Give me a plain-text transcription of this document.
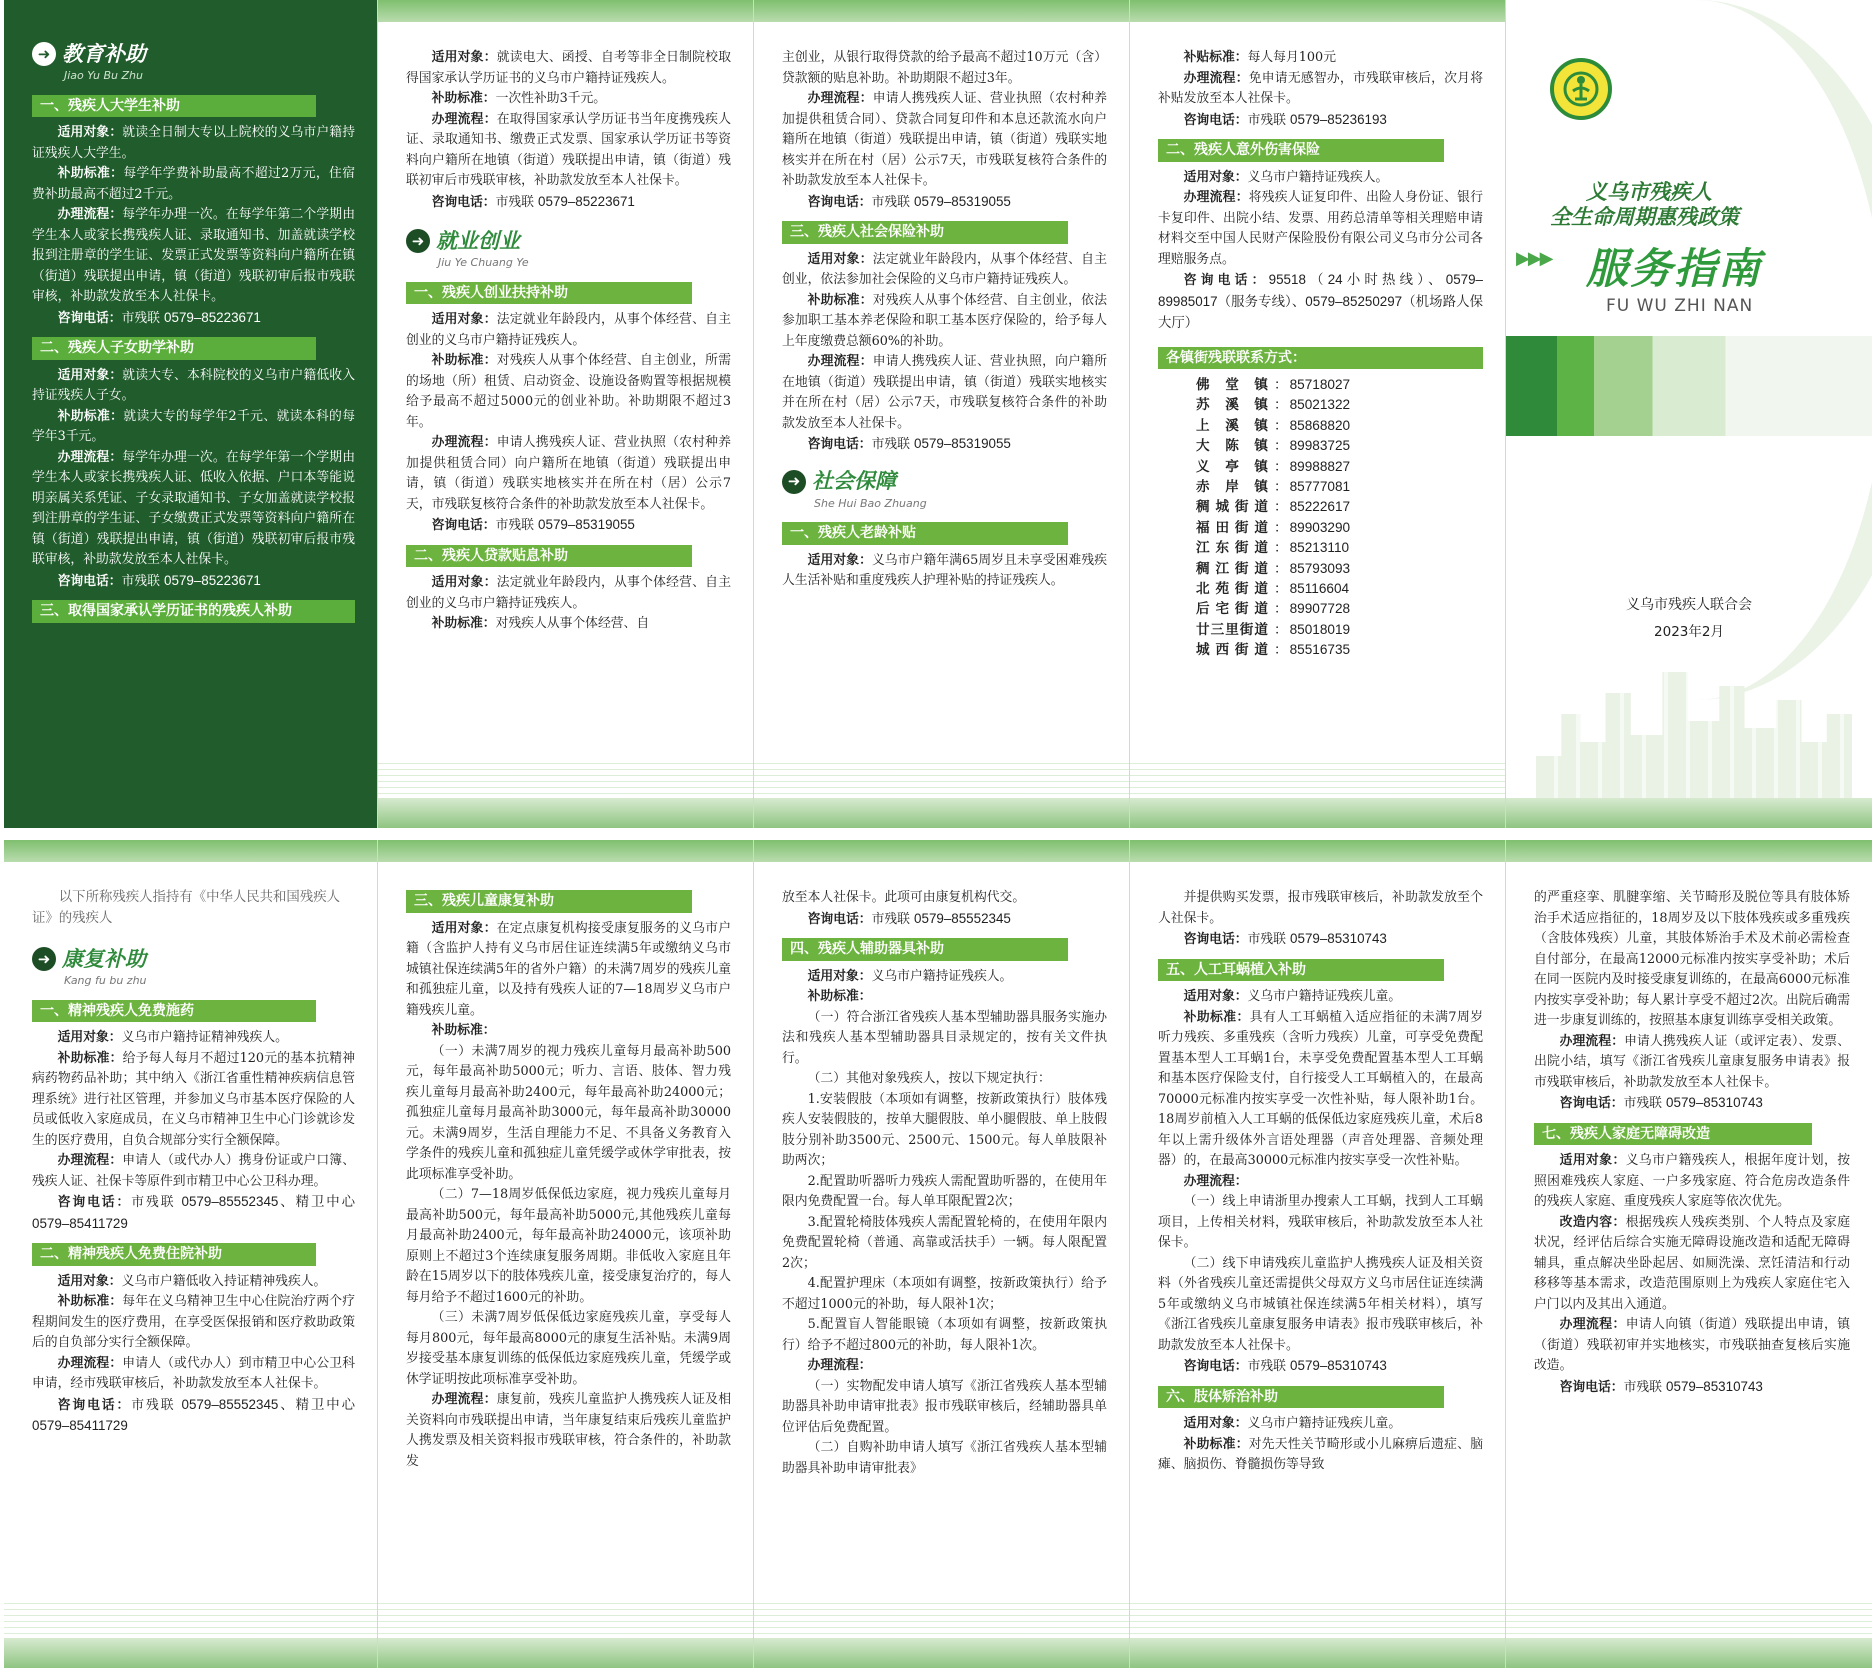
➜ 教育补助
Jiao Yu Bu Zhu
一、残疾人大学生补助

适用对象：就读全日制大专以上院校的义乌市户籍持证残疾人大学生。

补助标准：每学年学费补助最高不超过2万元，住宿费补助最高不超过2千元。

办理流程：每学年办理一次。在每学年第二个学期由学生本人或家长携残疾人证、录取通知书、加盖就读学校报到注册章的学生证、发票正式发票等资料向户籍所在镇（街道）残联提出申请，镇（街道）残联初审后报市残联审核，补助款发放至本人社保卡。

咨询电话：市残联 0579–85223671

二、残疾人子女助学补助

适用对象：就读大专、本科院校的义乌市户籍低收入持证残疾人子女。

补助标准：就读大专的每学年2千元、就读本科的每学年3千元。

办理流程：每学年办理一次。在每学年第一个学期由学生本人或家长携残疾人证、低收入依据、户口本等能说明亲属关系凭证、子女录取通知书、子女加盖就读学校报到注册章的学生证、子女缴费正式发票等资料向户籍所在镇（街道）残联提出申请，镇（街道）残联初审后报市残联审核，补助款发放至本人社保卡。

咨询电话：市残联 0579–85223671

三、取得国家承认学历证书的残疾人补助

适用对象：就读电大、函授、自考等非全日制院校取得国家承认学历证书的义乌市户籍持证残疾人。

补助标准：一次性补助3千元。

办理流程：在取得国家承认学历证书当年度携残疾人证、录取通知书、缴费正式发票、国家承认学历证书等资料向户籍所在地镇（街道）残联提出申请，镇（街道）残联初审后市残联审核，补助款发放至本人社保卡。

咨询电话：市残联 0579–85223671

➜ 就业创业
Jiu Ye Chuang Ye
一、残疾人创业扶持补助

适用对象：法定就业年龄段内，从事个体经营、自主创业的义乌市户籍持证残疾人。

补助标准：对残疾人从事个体经营、自主创业，所需的场地（所）租赁、启动资金、设施设备购置等根据规模给予最高不超过5000元的创业补助。补助期限不超过3年。

办理流程：申请人携残疾人证、营业执照（农村种养加提供租赁合同）向户籍所在地镇（街道）残联提出申请，镇（街道）残联实地核实并在所在村（居）公示7天，市残联复核符合条件的补助款发放至本人社保卡。

咨询电话：市残联 0579–85319055

二、残疾人贷款贴息补助

适用对象：法定就业年龄段内，从事个体经营、自主创业的义乌市户籍持证残疾人。

补助标准：对残疾人从事个体经营、自

主创业，从银行取得贷款的给予最高不超过10万元（含）贷款额的贴息补助。补助期限不超过3年。

办理流程：申请人携残疾人证、营业执照（农村种养加提供租赁合同）、贷款合同复印件和本息还款流水向户籍所在地镇（街道）残联提出申请，镇（街道）残联实地核实并在所在村（居）公示7天，市残联复核符合条件的补助款发放至本人社保卡。

咨询电话：市残联 0579–85319055

三、残疾人社会保险补助

适用对象：法定就业年龄段内，从事个体经营、自主创业，依法参加社会保险的义乌市户籍持证残疾人。

补助标准：对残疾人从事个体经营、自主创业，依法参加职工基本养老保险和职工基本医疗保险的，给予每人上年度缴费总额60%的补助。

办理流程：申请人携残疾人证、营业执照，向户籍所在地镇（街道）残联提出申请，镇（街道）残联实地核实并在所在村（居）公示7天，市残联复核符合条件的补助款发放至本人社保卡。

咨询电话：市残联 0579–85319055

➜ 社会保障
She Hui Bao Zhuang
一、残疾人老龄补贴

适用对象：义乌市户籍年满65周岁且未享受困难残疾人生活补贴和重度残疾人护理补贴的持证残疾人。

补贴标准：每人每月100元

办理流程：免申请无感智办，市残联审核后，次月将补贴发放至本人社保卡。

咨询电话：市残联 0579–85236193

二、残疾人意外伤害保险

适用对象：义乌市户籍持证残疾人。

办理流程：将残疾人证复印件、出险人身份证、银行卡复印件、出院小结、发票、用药总清单等相关理赔申请材料交至中国人民财产保险股份有限公司义乌市分公司各理赔服务点。

咨询电话：95518（24小时热线）、0579–89985017（服务专线）、0579–85250297（机场路人保大厅）

各镇街残联联系方式：
佛堂镇 ： 85718027
苏溪镇 ： 85021322
上溪镇 ： 85868820
大陈镇 ： 89983725
义亭镇 ： 89988827
赤岸镇 ： 85777081
稠城街道 ： 85222617
福田街道 ： 89903290
江东街道 ： 85213110
稠江街道 ： 85793093
北苑街道 ： 85116604
后宅街道 ： 89907728
廿三里街道 ： 85018019
城西街道 ： 85516735
义乌市残疾人
全生命周期惠残政策
▶▶▶ 服务指南
FU WU ZHI NAN
义乌市残疾人联合会
2023年2月
以下所称残疾人指持有《中华人民共和国残疾人证》的残疾人
➜ 康复补助
Kang fu bu zhu
一、精神残疾人免费施药

适用对象：义乌市户籍持证精神残疾人。

补助标准：给予每人每月不超过120元的基本抗精神病药物药品补助；其中纳入《浙江省重性精神疾病信息管理系统》进行社区管理，并参加义乌市基本医疗保险的人员或低收入家庭成员，在义乌市精神卫生中心门诊就诊发生的医疗费用，自负合规部分实行全额保障。

办理流程：申请人（或代办人）携身份证或户口簿、残疾人证、社保卡等原件到市精卫中心公卫科办理。

咨询电话：市残联 0579–85552345、精卫中心0579–85411729

二、精神残疾人免费住院补助

适用对象：义乌市户籍低收入持证精神残疾人。

补助标准：每年在义乌精神卫生中心住院治疗两个疗程期间发生的医疗费用，在享受医保报销和医疗救助政策后的自负部分实行全额保障。

办理流程：申请人（或代办人）到市精卫中心公卫科申请，经市残联审核后，补助款发放至本人社保卡。

咨询电话：市残联 0579–85552345、精卫中心0579–85411729

三、残疾儿童康复补助

适用对象：在定点康复机构接受康复服务的义乌市户籍（含监护人持有义乌市居住证连续满5年或缴纳义乌市城镇社保连续满5年的省外户籍）的未满7周岁的残疾儿童和孤独症儿童，以及持有残疾人证的7—18周岁义乌市户籍残疾儿童。

补助标准：

（一）未满7周岁的视力残疾儿童每月最高补助500元，每年最高补助5000元；听力、言语、肢体、智力残疾儿童每月最高补助2400元，每年最高补助24000元；孤独症儿童每月最高补助3000元，每年最高补助30000元。未满9周岁，生活自理能力不足、不具备义务教育入学条件的残疾儿童和孤独症儿童凭缓学或休学审批表，按此项标准享受补助。

（二）7—18周岁低保低边家庭，视力残疾儿童每月最高补助500元，每年最高补助5000元,其他残疾儿童每月最高补助2400元，每年最高补助24000元，该项补助原则上不超过3个连续康复服务周期。非低收入家庭且年龄在15周岁以下的肢体残疾儿童，接受康复治疗的，每人每月给予不超过1600元的补助。

（三）未满7周岁低保低边家庭残疾儿童，享受每人每月800元，每年最高8000元的康复生活补贴。未满9周岁接受基本康复训练的低保低边家庭残疾儿童，凭缓学或休学证明按此项标准享受补助。

办理流程：康复前，残疾儿童监护人携残疾人证及相关资料向市残联提出申请，当年康复结束后残疾儿童监护人携发票及相关资料报市残联审核，符合条件的，补助款发

放至本人社保卡。此项可由康复机构代交。

咨询电话：市残联 0579–85552345

四、残疾人辅助器具补助

适用对象：义乌市户籍持证残疾人。

补助标准：

（一）符合浙江省残疾人基本型辅助器具服务实施办法和残疾人基本型辅助器具目录规定的，按有关文件执行。

（二）其他对象残疾人，按以下规定执行：

1.安装假肢（本项如有调整，按新政策执行）肢体残疾人安装假肢的，按单大腿假肢、单小腿假肢、单上肢假肢分别补助3500元、2500元、1500元。每人单肢限补助两次；

2.配置助听器听力残疾人需配置助听器的，在使用年限内免费配置一台。每人单耳限配置2次；

3.配置轮椅肢体残疾人需配置轮椅的，在使用年限内免费配置轮椅（普通、高靠或活扶手）一辆。每人限配置2次；

4.配置护理床（本项如有调整，按新政策执行）给予不超过1000元的补助，每人限补1次；

5.配置盲人智能眼镜（本项如有调整，按新政策执行）给予不超过800元的补助，每人限补1次。

办理流程：

（一）实物配发申请人填写《浙江省残疾人基本型辅助器具补助申请审批表》报市残联审核后，经辅助器具单位评估后免费配置。

（二）自购补助申请人填写《浙江省残疾人基本型辅助器具补助申请审批表》

并提供购买发票，报市残联审核后，补助款发放至个人社保卡。

咨询电话：市残联 0579–85310743

五、人工耳蜗植入补助

适用对象：义乌市户籍持证残疾儿童。

补助标准：具有人工耳蜗植入适应指征的未满7周岁听力残疾、多重残疾（含听力残疾）儿童，可享受免费配置基本型人工耳蜗1台，未享受免费配置基本型人工耳蜗和基本医疗保险支付，自行接受人工耳蜗植入的，在最高70000元标准内按实享受一次性补贴，每人限补助1台。18周岁前植入人工耳蜗的低保低边家庭残疾儿童，术后8年以上需升级体外言语处理器（声音处理器、音频处理器）的，在最高30000元标准内按实享受一次性补贴。

办理流程：

（一）线上申请浙里办搜索人工耳蜗，找到人工耳蜗项目，上传相关材料，残联审核后，补助款发放至本人社保卡。

（二）线下申请残疾儿童监护人携残疾人证及相关资料（外省残疾儿童还需提供父母双方义乌市居住证连续满5年或缴纳义乌市城镇社保连续满5年相关材料），填写《浙江省残疾儿童康复服务申请表》报市残联审核后，补助款发放至本人社保卡。

咨询电话：市残联 0579–85310743

六、肢体矫治补助

适用对象：义乌市户籍持证残疾儿童。

补助标准：对先天性关节畸形或小儿麻痹后遗症、脑瘫、脑损伤、脊髓损伤等导致

的严重痉挛、肌腱挛缩、关节畸形及脱位等具有肢体矫治手术适应指征的，18周岁及以下肢体残疾或多重残疾（含肢体残疾）儿童，其肢体矫治手术及术前必需检查自付部分，在最高12000元标准内按实享受补助；术后在同一医院内及时接受康复训练的，在最高6000元标准内按实享受补助；每人累计享受不超过2次。出院后确需进一步康复训练的，按照基本康复训练享受相关政策。

办理流程：申请人携残疾人证（或评定表）、发票、出院小结，填写《浙江省残疾儿童康复服务申请表》报市残联审核后，补助款发放至本人社保卡。

咨询电话：市残联 0579–85310743

七、残疾人家庭无障碍改造

适用对象：义乌市户籍残疾人，根据年度计划，按照困难残疾人家庭、一户多残家庭、符合危房改造条件的残疾人家庭、重度残疾人家庭等依次优先。

改造内容：根据残疾人残疾类别、个人特点及家庭状况，经评估后综合实施无障碍设施改造和适配无障碍辅具，重点解决坐卧起居、如厕洗澡、烹饪清洁和行动移移等基本需求，改造范围原则上为残疾人家庭住宅入户门以内及其出入通道。

办理流程：申请人向镇（街道）残联提出申请，镇（街道）残联初审并实地核实，市残联抽查复核后实施改造。

咨询电话：市残联 0579–85310743
